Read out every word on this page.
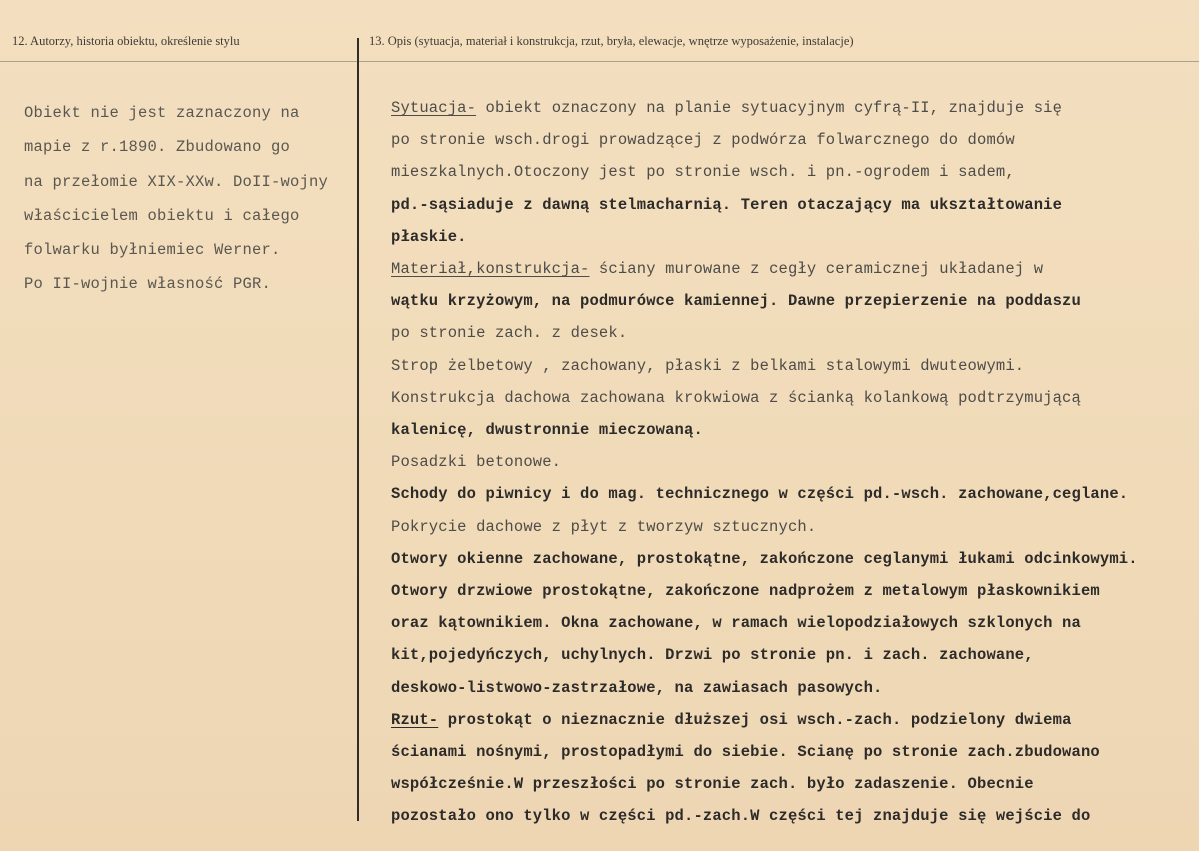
12. Autorzy, historia obiektu, określenie stylu	13. Opis (sytuacja, materiał i konstrukcja, rzut, bryła, elewacje, wnętrze wyposażenie, instalacje)
Obiekt nie jest zaznaczony na
mapie z r.1890. Zbudowano go
na przełomie XIX-XXw. DoII-wojny
właścicielem obiektu i całego
folwarku byłniemiec Werner.
Po II-wojnie własność PGR.
Sytuacja- obiekt oznaczony na planie sytuacyjnym cyfrą-II, znajduje się
po stronie wsch.drogi prowadzącej z podwórza folwarcznego do domów
mieszkalnych.Otoczony jest po stronie wsch. i pn.-ogrodem i sadem,
pd.-sąsiaduje z dawną stelmacharnią. Teren otaczający ma ukształtowanie
płaskie.
Materiał,konstrukcja- ściany murowane z cegły ceramicznej układanej w
wątku krzyżowym, na podmurówce kamiennej. Dawne przepierzenie na poddaszu
po stronie zach. z desek.
Strop żelbetowy , zachowany, płaski z belkami stalowymi dwuteowymi.
Konstrukcja dachowa zachowana krokwiowa z ścianką kolankową podtrzymującą
kalenicę, dwustronnie mieczowaną.
Posadzki betonowe.
Schody do piwnicy i do mag. technicznego w części pd.-wsch. zachowane,ceglane.
Pokrycie dachowe z płyt z tworzyw sztucznych.
Otwory okienne zachowane, prostokątne, zakończone ceglanymi łukami odcinkowymi.
Otwory drzwiowe prostokątne, zakończone nadprożem z metalowym płaskownikiem
oraz kątownikiem. Okna zachowane, w ramach wielopodziałowych szklonych na
kit,pojedyńczych, uchylnych. Drzwi po stronie pn. i zach. zachowane,
deskowo-listwowo-zastrzałowe, na zawiasach pasowych.
Rzut- prostokąt o nieznacznie dłuższej osi wsch.-zach. podzielony dwiema
ścianami nośnymi, prostopadłymi do siebie. Scianę po stronie zach.zbudowano
współcześnie.W przeszłości po stronie zach. było zadaszenie. Obecnie
pozostało ono tylko w części pd.-zach.W części tej znajduje się wejście do
